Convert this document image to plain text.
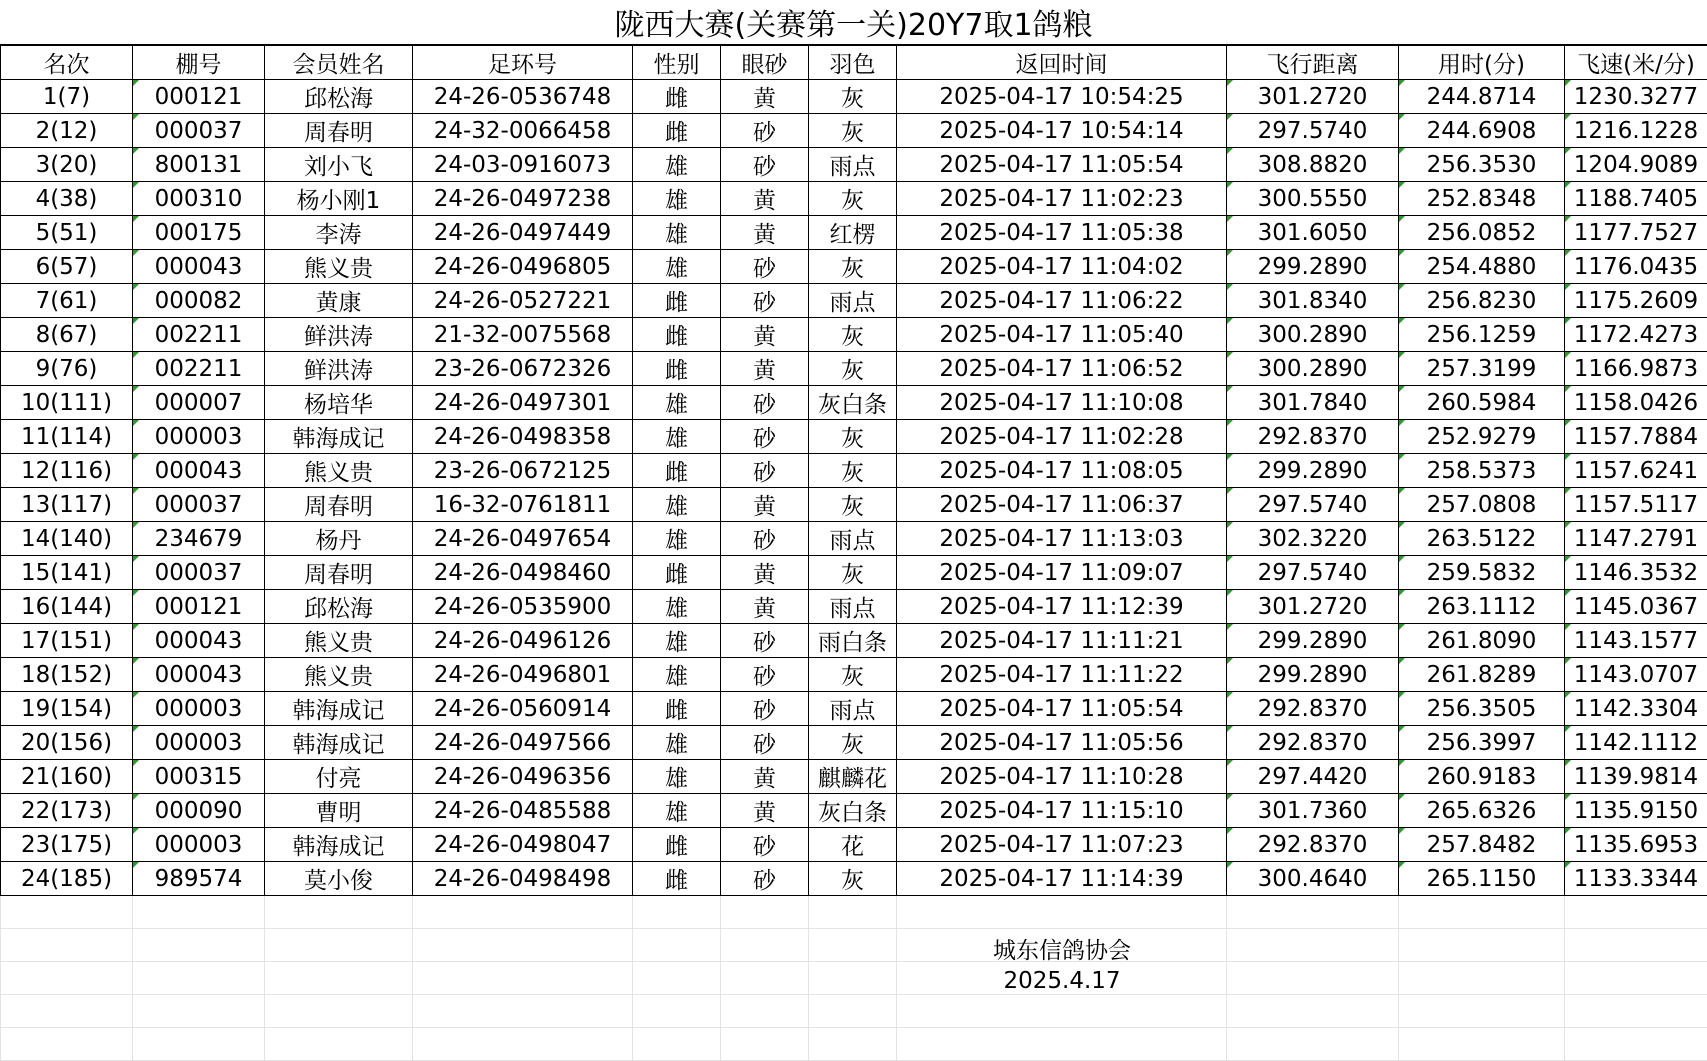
陇西大赛(关赛第一关)20Y7取1鸽粮
名次	棚号	会员姓名	足环号	性别	眼砂	羽色	返回时间	飞行距离	用时(分)	飞速(米/分)
1(7)	000121	邱松海	24-26-0536748	雌	黄	灰	2025-04-17 10:54:25	301.2720	244.8714	1230.3277
2(12)	000037	周春明	24-32-0066458	雌	砂	灰	2025-04-17 10:54:14	297.5740	244.6908	1216.1228
3(20)	800131	刘小飞	24-03-0916073	雄	砂	雨点	2025-04-17 11:05:54	308.8820	256.3530	1204.9089
4(38)	000310	杨小刚1	24-26-0497238	雄	黄	灰	2025-04-17 11:02:23	300.5550	252.8348	1188.7405
5(51)	000175	李涛	24-26-0497449	雄	黄	红楞	2025-04-17 11:05:38	301.6050	256.0852	1177.7527
6(57)	000043	熊义贵	24-26-0496805	雄	砂	灰	2025-04-17 11:04:02	299.2890	254.4880	1176.0435
7(61)	000082	黄康	24-26-0527221	雌	砂	雨点	2025-04-17 11:06:22	301.8340	256.8230	1175.2609
8(67)	002211	鲜洪涛	21-32-0075568	雌	黄	灰	2025-04-17 11:05:40	300.2890	256.1259	1172.4273
9(76)	002211	鲜洪涛	23-26-0672326	雌	黄	灰	2025-04-17 11:06:52	300.2890	257.3199	1166.9873
10(111)	000007	杨培华	24-26-0497301	雄	砂	灰白条	2025-04-17 11:10:08	301.7840	260.5984	1158.0426
11(114)	000003	韩海成记	24-26-0498358	雄	砂	灰	2025-04-17 11:02:28	292.8370	252.9279	1157.7884
12(116)	000043	熊义贵	23-26-0672125	雌	砂	灰	2025-04-17 11:08:05	299.2890	258.5373	1157.6241
13(117)	000037	周春明	16-32-0761811	雄	黄	灰	2025-04-17 11:06:37	297.5740	257.0808	1157.5117
14(140)	234679	杨丹	24-26-0497654	雄	砂	雨点	2025-04-17 11:13:03	302.3220	263.5122	1147.2791
15(141)	000037	周春明	24-26-0498460	雌	黄	灰	2025-04-17 11:09:07	297.5740	259.5832	1146.3532
16(144)	000121	邱松海	24-26-0535900	雄	黄	雨点	2025-04-17 11:12:39	301.2720	263.1112	1145.0367
17(151)	000043	熊义贵	24-26-0496126	雄	砂	雨白条	2025-04-17 11:11:21	299.2890	261.8090	1143.1577
18(152)	000043	熊义贵	24-26-0496801	雄	砂	灰	2025-04-17 11:11:22	299.2890	261.8289	1143.0707
19(154)	000003	韩海成记	24-26-0560914	雌	砂	雨点	2025-04-17 11:05:54	292.8370	256.3505	1142.3304
20(156)	000003	韩海成记	24-26-0497566	雄	砂	灰	2025-04-17 11:05:56	292.8370	256.3997	1142.1112
21(160)	000315	付亮	24-26-0496356	雄	黄	麒麟花	2025-04-17 11:10:28	297.4420	260.9183	1139.9814
22(173)	000090	曹明	24-26-0485588	雄	黄	灰白条	2025-04-17 11:15:10	301.7360	265.6326	1135.9150
23(175)	000003	韩海成记	24-26-0498047	雌	砂	花	2025-04-17 11:07:23	292.8370	257.8482	1135.6953
24(185)	989574	莫小俊	24-26-0498498	雌	砂	灰	2025-04-17 11:14:39	300.4640	265.1150	1133.3344

城东信鸽协会
2025.4.17
